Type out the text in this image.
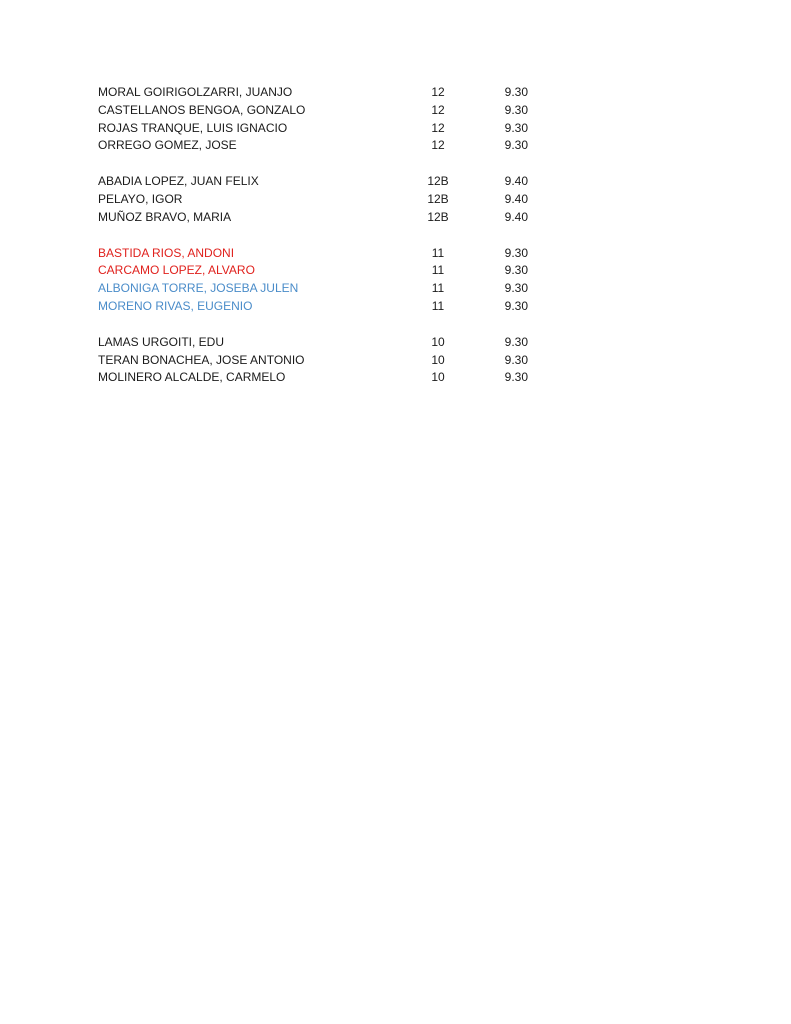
MORAL GOIRIGOLZARRI, JUANJO	12	9.30
CASTELLANOS BENGOA, GONZALO	12	9.30
ROJAS TRANQUE, LUIS IGNACIO	12	9.30
ORREGO GOMEZ, JOSE	12	9.30
ABADIA LOPEZ, JUAN FELIX	12B	9.40
PELAYO, IGOR	12B	9.40
MUÑOZ BRAVO, MARIA	12B	9.40
BASTIDA RIOS, ANDONI	11	9.30
CARCAMO LOPEZ, ALVARO	11	9.30
ALBONIGA TORRE, JOSEBA JULEN	11	9.30
MORENO RIVAS, EUGENIO	11	9.30
LAMAS URGOITI, EDU	10	9.30
TERAN BONACHEA, JOSE ANTONIO	10	9.30
MOLINERO ALCALDE, CARMELO	10	9.30
